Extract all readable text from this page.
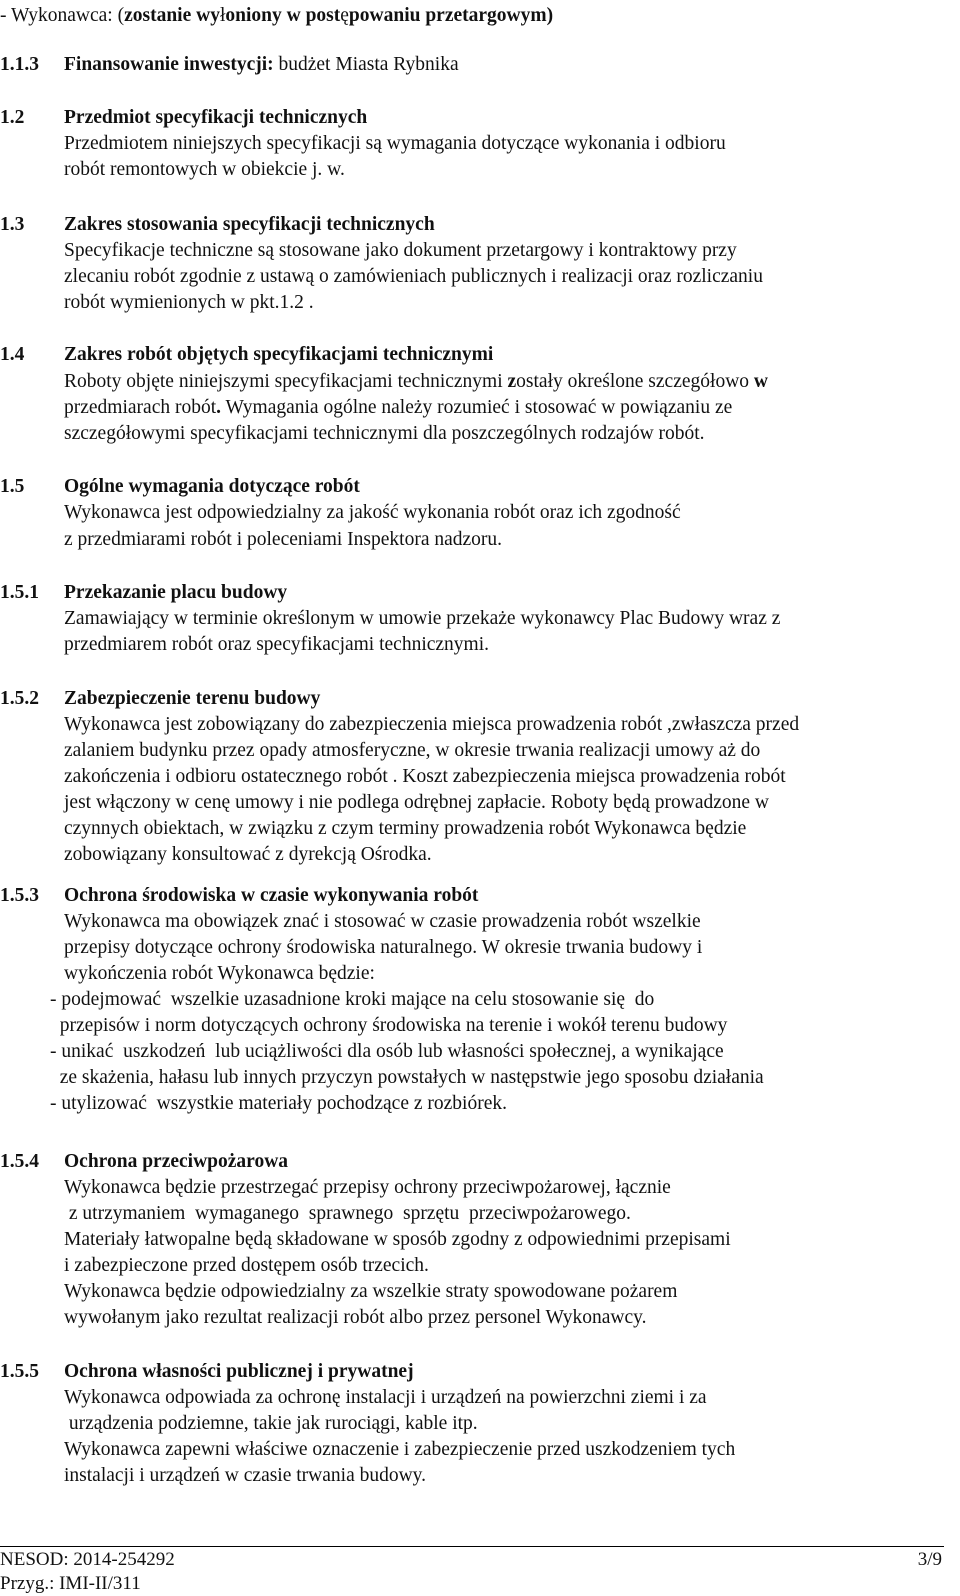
- Wykonawca: (zostanie wyłoniony w postępowaniu przetargowym)
1.1.3 Finansowanie inwestycji: budżet Miasta Rybnika
1.2 Przedmiot specyfikacji technicznych
Przedmiotem niniejszych specyfikacji są wymagania dotyczące wykonania i odbioru
robót remontowych w obiekcie j. w.
1.3 Zakres stosowania specyfikacji technicznych
Specyfikacje techniczne są stosowane jako dokument przetargowy i kontraktowy przy
zlecaniu robót zgodnie z ustawą o zamówieniach publicznych i realizacji oraz rozliczaniu
robót wymienionych w pkt.1.2 .
1.4 Zakres robót objętych specyfikacjami technicznymi
Roboty objęte niniejszymi specyfikacjami technicznymi zostały określone szczegółowo w
przedmiarach robót. Wymagania ogólne należy rozumieć i stosować w powiązaniu ze
szczegółowymi specyfikacjami technicznymi dla poszczególnych rodzajów robót.
1.5 Ogólne wymagania dotyczące robót
Wykonawca jest odpowiedzialny za jakość wykonania robót oraz ich zgodność
z przedmiarami robót i poleceniami Inspektora nadzoru.
1.5.1 Przekazanie placu budowy
Zamawiający w terminie określonym w umowie przekaże wykonawcy Plac Budowy wraz z
przedmiarem robót oraz specyfikacjami technicznymi.
1.5.2 Zabezpieczenie terenu budowy
Wykonawca jest zobowiązany do zabezpieczenia miejsca prowadzenia robót ,zwłaszcza przed
zalaniem budynku przez opady atmosferyczne, w okresie trwania realizacji umowy aż do
zakończenia i odbioru ostatecznego robót . Koszt zabezpieczenia miejsca prowadzenia robót
jest włączony w cenę umowy i nie podlega odrębnej zapłacie. Roboty będą prowadzone w
czynnych obiektach, w związku z czym terminy prowadzenia robót Wykonawca będzie
zobowiązany konsultować z dyrekcją Ośrodka.
1.5.3 Ochrona środowiska w czasie wykonywania robót
Wykonawca ma obowiązek znać i stosować w czasie prowadzenia robót wszelkie
przepisy dotyczące ochrony środowiska naturalnego. W okresie trwania budowy i
wykończenia robót Wykonawca będzie:
- podejmować  wszelkie uzasadnione kroki mające na celu stosowanie się  do
przepisów i norm dotyczących ochrony środowiska na terenie i wokół terenu budowy
- unikać  uszkodzeń  lub uciążliwości dla osób lub własności społecznej, a wynikające
ze skażenia, hałasu lub innych przyczyn powstałych w następstwie jego sposobu działania
- utylizować  wszystkie materiały pochodzące z rozbiórek.
1.5.4 Ochrona przeciwpożarowa
Wykonawca będzie przestrzegać przepisy ochrony przeciwpożarowej, łącznie
z utrzymaniem  wymaganego  sprawnego  sprzętu  przeciwpożarowego.
Materiały łatwopalne będą składowane w sposób zgodny z odpowiednimi przepisami
i zabezpieczone przed dostępem osób trzecich.
Wykonawca będzie odpowiedzialny za wszelkie straty spowodowane pożarem
wywołanym jako rezultat realizacji robót albo przez personel Wykonawcy.
1.5.5 Ochrona własności publicznej i prywatnej
Wykonawca odpowiada za ochronę instalacji i urządzeń na powierzchni ziemi i za
urządzenia podziemne, takie jak rurociągi, kable itp.
Wykonawca zapewni właściwe oznaczenie i zabezpieczenie przed uszkodzeniem tych
instalacji i urządzeń w czasie trwania budowy.
NESOD: 2014-254292
Przyg.: IMI-II/311
3/9
